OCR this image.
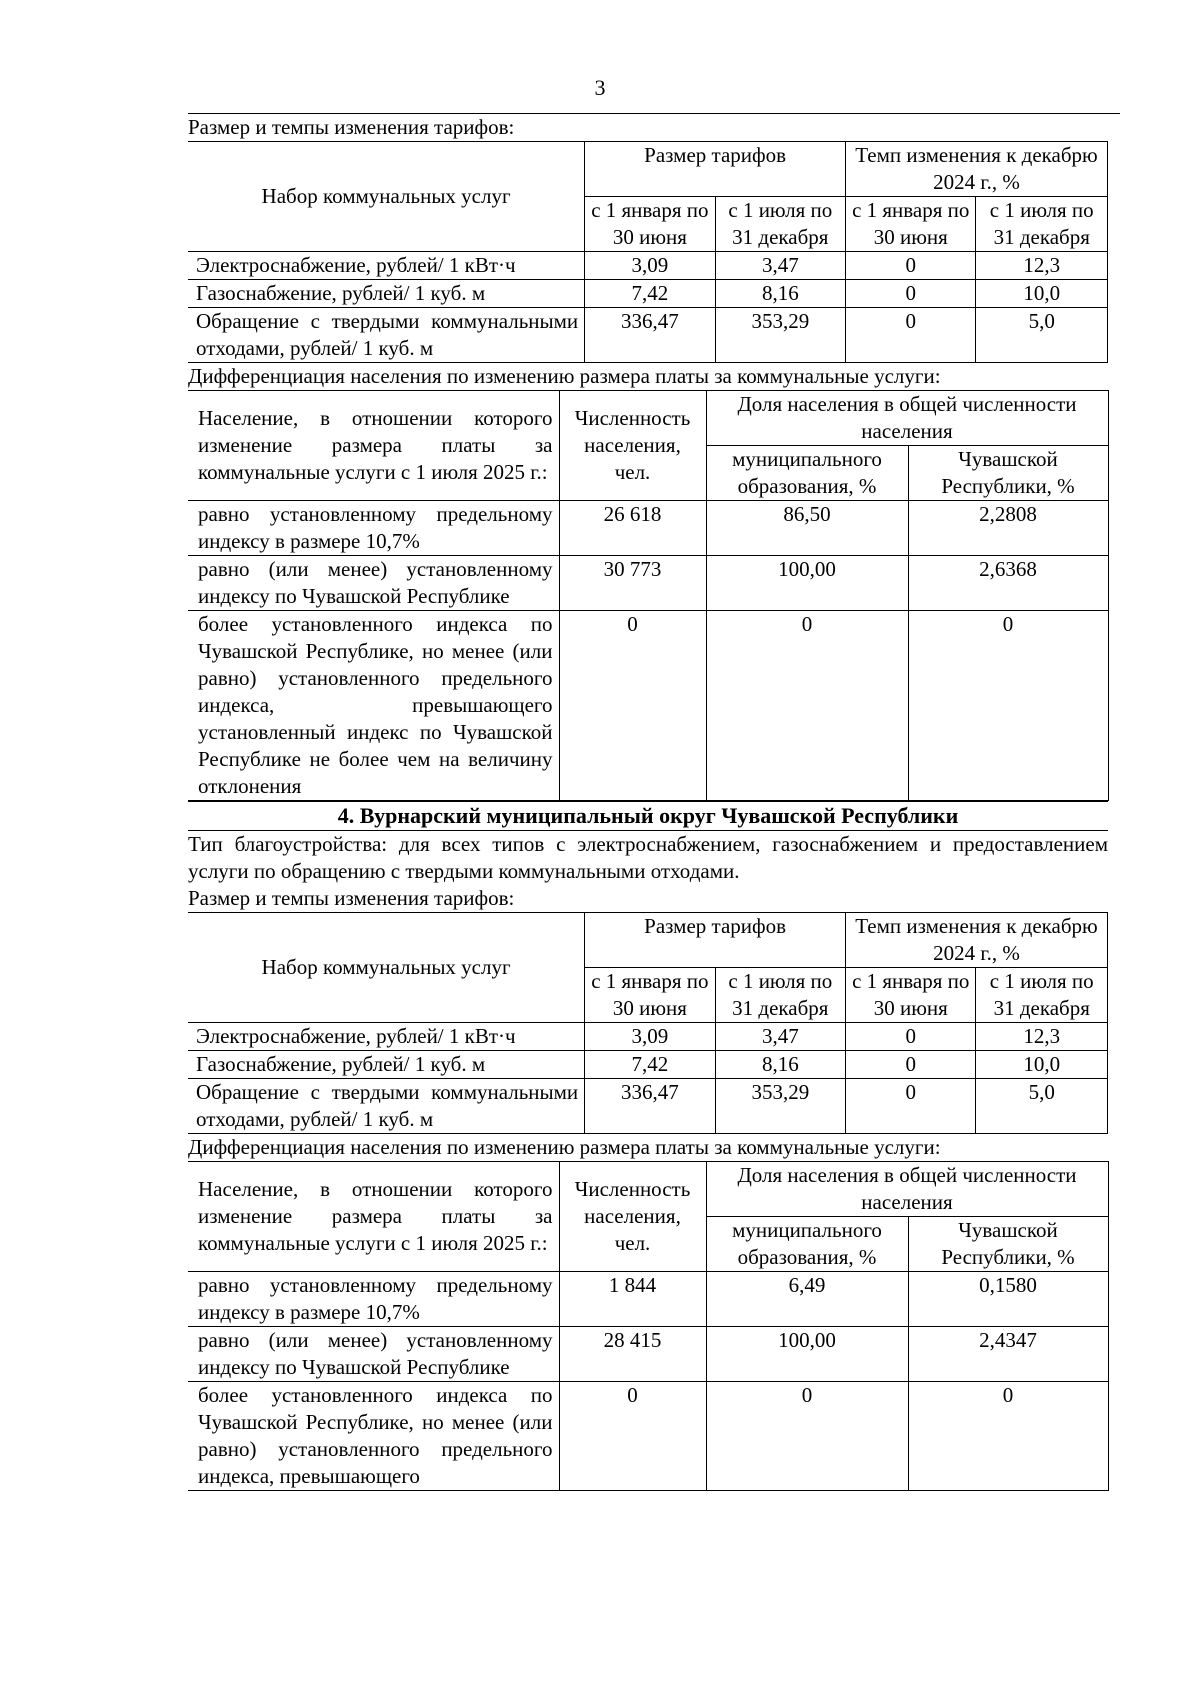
3
Размер и темпы изменения тарифов:
Набор коммунальных услуг	Размер тарифов		Темп изменения к декабрю 2024 г., %	
	с 1 января по 30 июня	с 1 июля по 31 декабря	с 1 января по 30 июня	с 1 июля по 31 декабря
Электроснабжение, рублей/ 1 кВт·ч	3,09	3,47	0	12,3
Газоснабжение, рублей/ 1 куб. м	7,42	8,16	0	10,0
Обращение с твердыми коммунальными отходами, рублей/ 1 куб. м	336,47	353,29	0	5,0
Дифференциация населения по изменению размера платы за коммунальные услуги:
Население, в отношении которого изменение размера платы за коммунальные услуги с 1 июля 2025 г.:	Численность населения, чел.	Доля населения в общей численности населения	
		муниципального образования, %	Чувашской Республики, %
равно установленному предельному индексу в размере 10,7%	26 618	86,50	2,2808
равно (или менее) установленному индексу по Чувашской Республике	30 773	100,00	2,6368
более установленного индекса по Чувашской Республике, но менее (или равно) установленного предельного индекса, превышающего установленный индекс по Чувашской Республике не более чем на величину отклонения	0	0	0
4. Вурнарский муниципальный округ Чувашской Республики
Тип благоустройства: для всех типов с электроснабжением, газоснабжением и предоставлением услуги по обращению с твердыми коммунальными отходами.
Размер и темпы изменения тарифов:
Набор коммунальных услуг	Размер тарифов		Темп изменения к декабрю 2024 г., %	
	с 1 января по 30 июня	с 1 июля по 31 декабря	с 1 января по 30 июня	с 1 июля по 31 декабря
Электроснабжение, рублей/ 1 кВт·ч	3,09	3,47	0	12,3
Газоснабжение, рублей/ 1 куб. м	7,42	8,16	0	10,0
Обращение с твердыми коммунальными отходами, рублей/ 1 куб. м	336,47	353,29	0	5,0
Дифференциация населения по изменению размера платы за коммунальные услуги:
Население, в отношении которого изменение размера платы за коммунальные услуги с 1 июля 2025 г.:	Численность населения, чел.	Доля населения в общей численности населения	
		муниципального образования, %	Чувашской Республики, %
равно установленному предельному индексу в размере 10,7%	1 844	6,49	0,1580
равно (или менее) установленному индексу по Чувашской Республике	28 415	100,00	2,4347
более установленного индекса по Чувашской Республике, но менее (или равно) установленного предельного индекса, превышающего	0	0	0
